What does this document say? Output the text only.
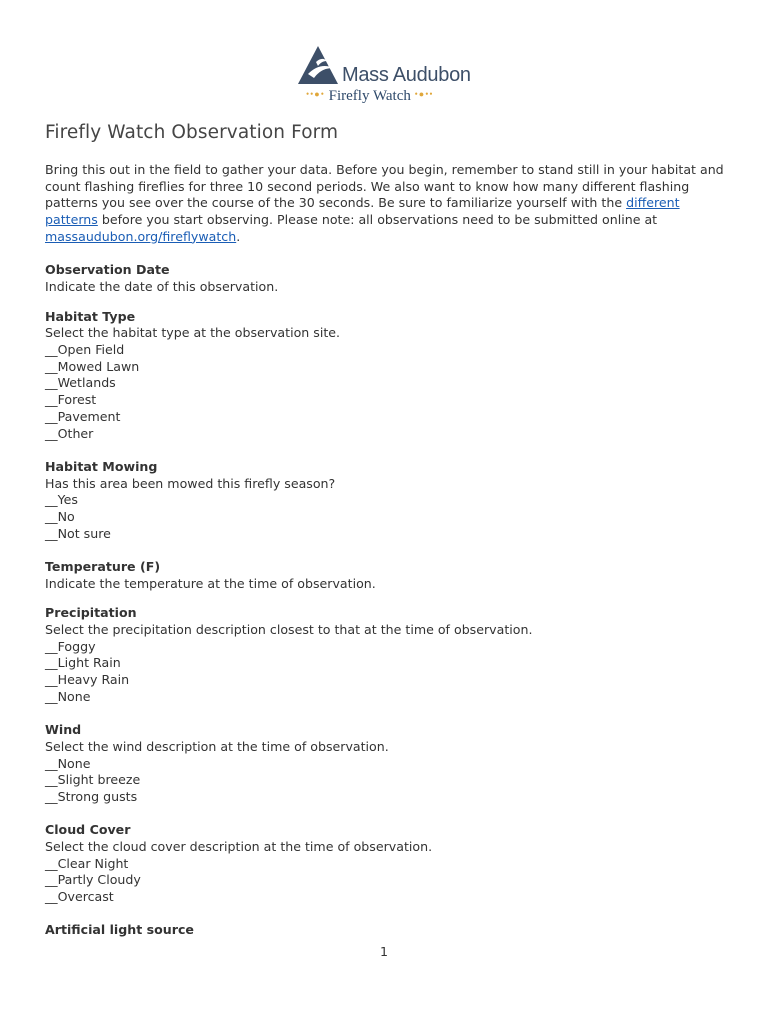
Mass Audubon
••●• Firefly Watch •●••
Firefly Watch Observation Form

Bring this out in the field to gather your data. Before you begin, remember to stand still in your habitat and count flashing fireflies for three 10 second periods. We also want to know how many different flashing patterns you see over the course of the 30 seconds. Be sure to familiarize yourself with the different patterns before you start observing. Please note: all observations need to be submitted online at massaudubon.org/fireflywatch.

Observation Date

Indicate the date of this observation.

Habitat Type

Select the habitat type at the observation site.

__Open Field

__Mowed Lawn

__Wetlands

__Forest

__Pavement

__Other

Habitat Mowing

Has this area been mowed this firefly season?

__Yes

__No

__Not sure

Temperature (F)

Indicate the temperature at the time of observation.

Precipitation

Select the precipitation description closest to that at the time of observation.

__Foggy

__Light Rain

__Heavy Rain

__None

Wind

Select the wind description at the time of observation.

__None

__Slight breeze

__Strong gusts

Cloud Cover

Select the cloud cover description at the time of observation.

__Clear Night

__Partly Cloudy

__Overcast

Artificial light source

1
